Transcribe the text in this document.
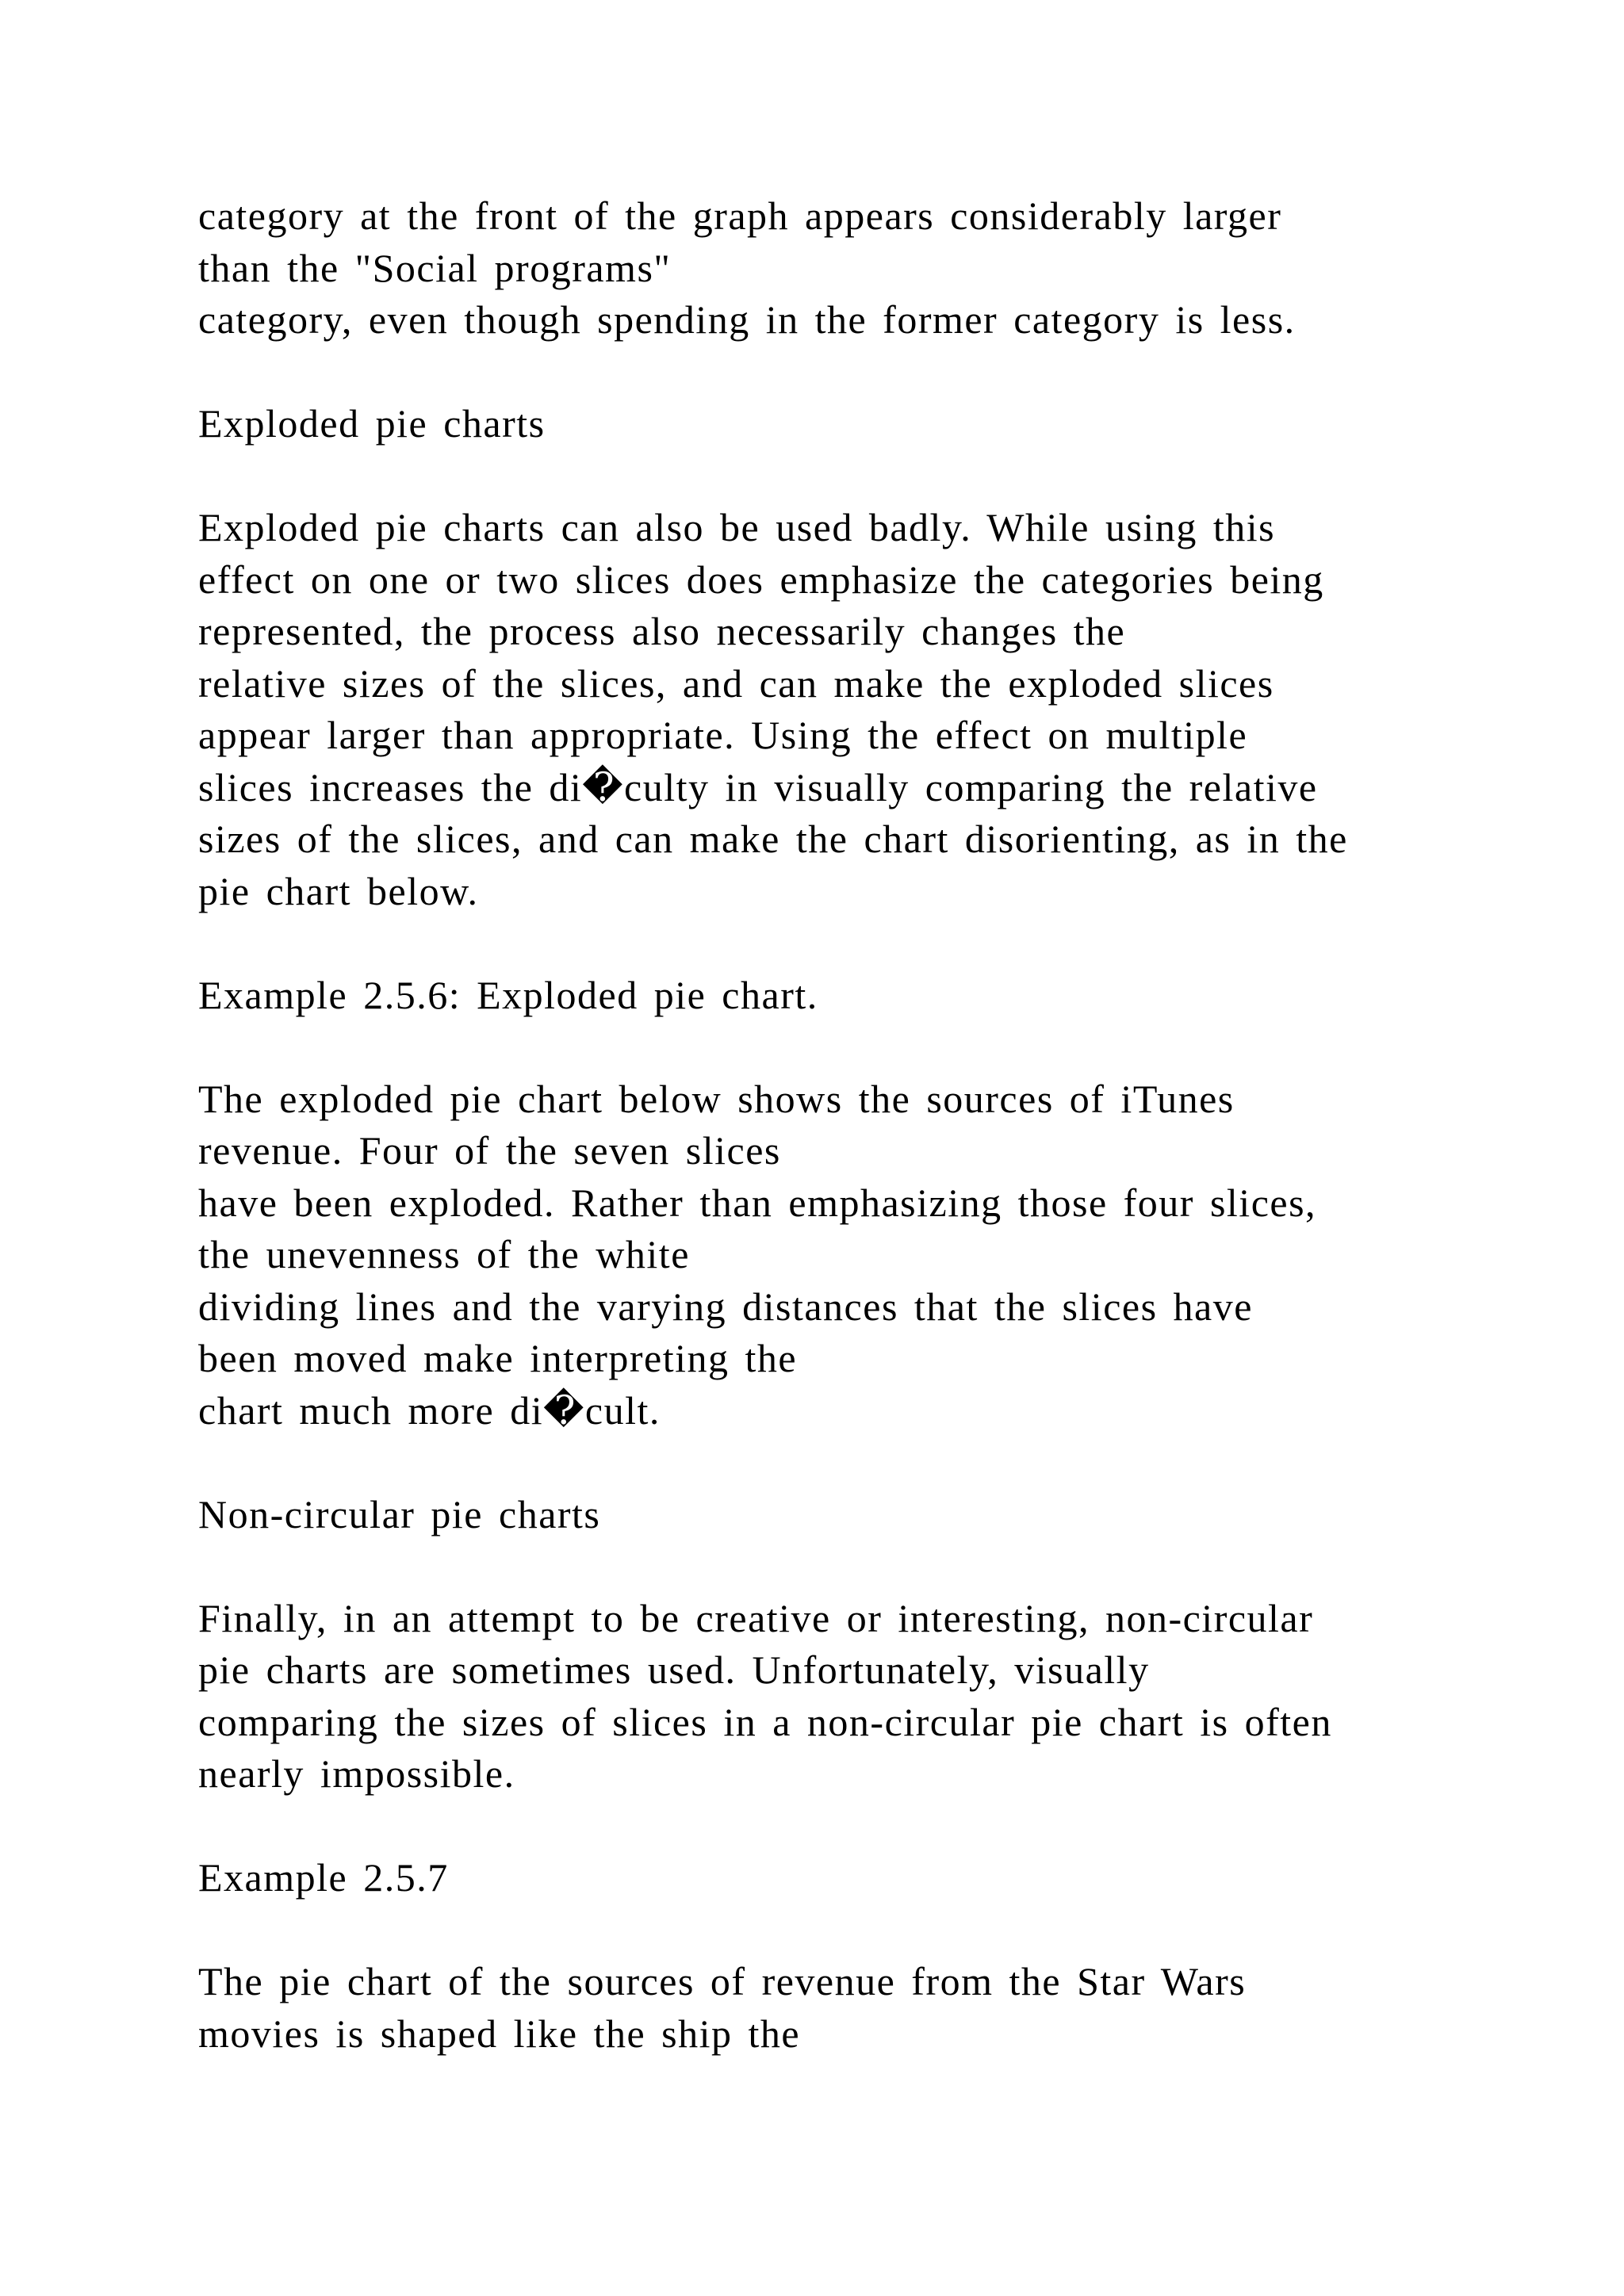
category at the front of the graph appears considerably larger
than the "Social programs"
category, even though spending in the former category is less.
Exploded pie charts
Exploded pie charts can also be used badly. While using this
effect on one or two slices does emphasize the categories being
represented, the process also necessarily changes the
relative sizes of the slices, and can make the exploded slices
appear larger than appropriate. Using the effect on multiple
slices increases the di�culty in visually comparing the relative
sizes of the slices, and can make the chart disorienting, as in the
pie chart below.
Example 2.5.6: Exploded pie chart.
The exploded pie chart below shows the sources of iTunes
revenue. Four of the seven slices
have been exploded. Rather than emphasizing those four slices,
the unevenness of the white
dividing lines and the varying distances that the slices have
been moved make interpreting the
chart much more di�cult.
Non-circular pie charts
Finally, in an attempt to be creative or interesting, non-circular
pie charts are sometimes used. Unfortunately, visually
comparing the sizes of slices in a non-circular pie chart is often
nearly impossible.
Example 2.5.7
The pie chart of the sources of revenue from the Star Wars
movies is shaped like the ship the
